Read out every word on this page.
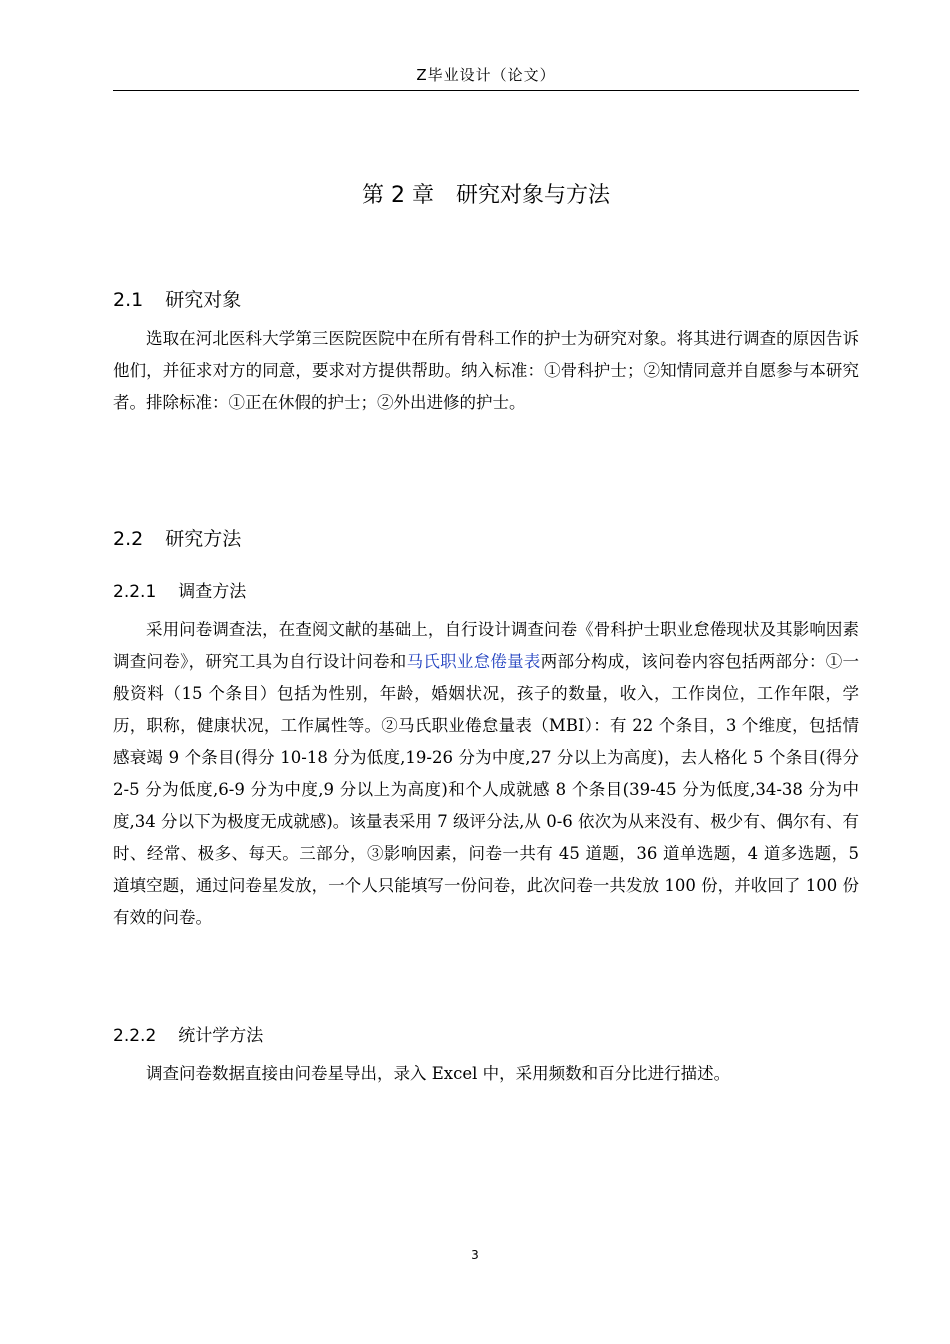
Z毕业设计（论文）
第 2 章　研究对象与方法
2.1 研究对象
选取在河北医科大学第三医院医院中在所有骨科工作的护士为研究对象。将其进行调查的原因告诉他们，并征求对方的同意，要求对方提供帮助。纳入标准：①骨科护士；②知情同意并自愿参与本研究者。排除标准：①正在休假的护士；②外出进修的护士。
2.2 研究方法
2.2.1 调查方法
采用问卷调查法，在查阅文献的基础上，自行设计调查问卷《骨科护士职业怠倦现状及其影响因素调查问卷》，研究工具为自行设计问卷和马氏职业怠倦量表两部分构成，该问卷内容包括两部分：①一般资料（15 个条目）包括为性别，年龄，婚姻状况，孩子的数量，收入，工作岗位，工作年限，学历，职称，健康状况，工作属性等。②马氏职业倦怠量表（MBI）：有 22 个条目，3 个维度，包括情感衰竭 9 个条目(得分 10-18 分为低度,19-26 分为中度,27 分以上为高度)，去人格化 5 个条目(得分 2-5 分为低度,6-9 分为中度,9 分以上为高度)和个人成就感 8 个条目(39-45 分为低度,34-38 分为中度,34 分以下为极度无成就感)。该量表采用 7 级评分法,从 0-6 依次为从来没有、极少有、偶尔有、有时、经常、极多、每天。三部分，③影响因素，问卷一共有 45 道题，36 道单选题，4 道多选题，5 道填空题，通过问卷星发放，一个人只能填写一份问卷，此次问卷一共发放 100 份，并收回了 100 份有效的问卷。
2.2.2 统计学方法
调查问卷数据直接由问卷星导出，录入 Excel 中，采用频数和百分比进行描述。
3
